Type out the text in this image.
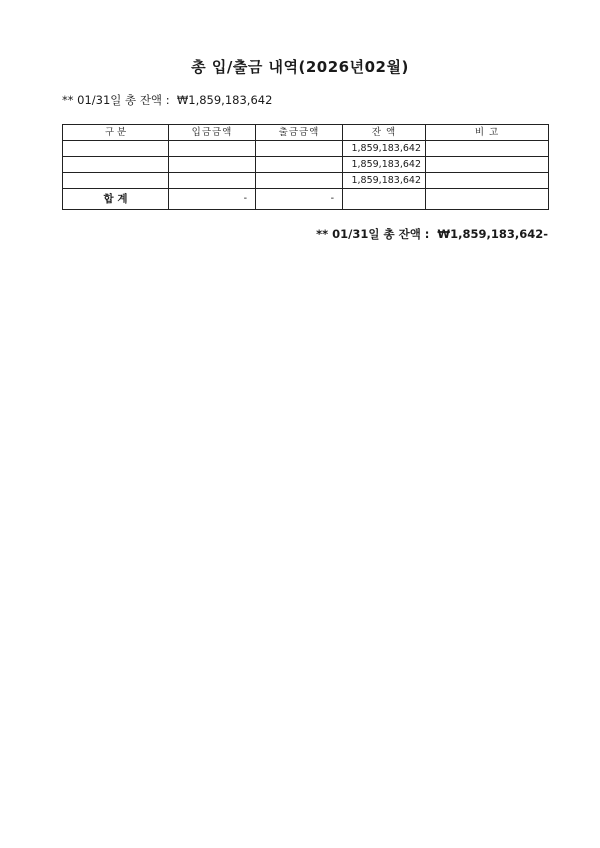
총 입/출금 내역(2026년02월)
** 01/31일 총 잔액 :  ₩1,859,183,642
구 분	입금금액	출금금액	잔 액	비 고
			1,859,183,642	
			1,859,183,642	
			1,859,183,642	
합 계	-	-		
** 01/31일 총 잔액 :  ₩1,859,183,642-
